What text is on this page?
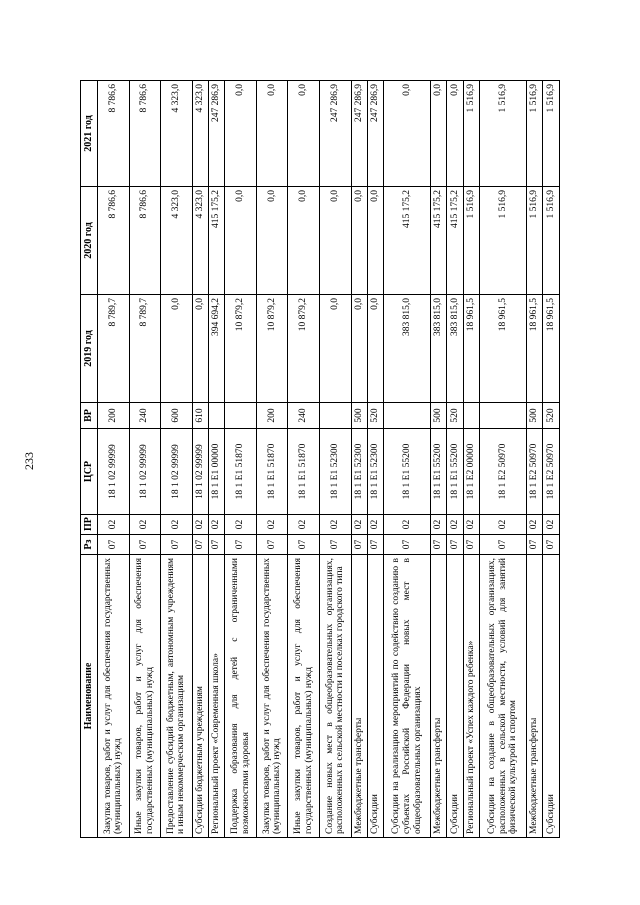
233
Наименование	Рз	ПР	ЦСР	ВР	2019 год	2020 год	2021 год
Закупка товаров, работ и услуг для обеспечения государственных (муниципальных) нужд	07	02	18 1 02 99999	200	8 789,7	8 786,6	8 786,6
Иные закупки товаров, работ и услуг для обеспечения государственных (муниципальных) нужд	07	02	18 1 02 99999	240	8 789,7	8 786,6	8 786,6
Предоставление субсидий бюджетным, автономным учреждениям и иным некоммерческим организациям	07	02	18 1 02 99999	600	0,0	4 323,0	4 323,0
Субсидии бюджетным учреждениям	07	02	18 1 02 99999	610	0,0	4 323,0	4 323,0
Региональный проект «Современная школа»	07	02	18 1 E1 00000		394 694,2	415 175,2	247 286,9
Поддержка образования для детей с ограниченными возможностями здоровья	07	02	18 1 E1 51870		10 879,2	0,0	0,0
Закупка товаров, работ и услуг для обеспечения государственных (муниципальных) нужд	07	02	18 1 E1 51870	200	10 879,2	0,0	0,0
Иные закупки товаров, работ и услуг для обеспечения государственных (муниципальных) нужд	07	02	18 1 E1 51870	240	10 879,2	0,0	0,0
Создание новых мест в общеобразовательных организациях, расположенных в сельской местности и поселках городского типа	07	02	18 1 E1 52300		0,0	0,0	247 286,9
Межбюджетные трансферты	07	02	18 1 E1 52300	500	0,0	0,0	247 286,9
Субсидии	07	02	18 1 E1 52300	520	0,0	0,0	247 286,9
Субсидии на реализацию мероприятий по содействию созданию в субъектах Российской Федерации новых мест в общеобразовательных организациях	07	02	18 1 E1 55200		383 815,0	415 175,2	0,0
Межбюджетные трансферты	07	02	18 1 E1 55200	500	383 815,0	415 175,2	0,0
Субсидии	07	02	18 1 E1 55200	520	383 815,0	415 175,2	0,0
Региональный проект «Успех каждого ребенка»	07	02	18 1 E2 00000		18 961,5	1 516,9	1 516,9
Субсидии на создание в общеобразовательных организациях, расположенных в сельской местности, условий для занятий физической культурой и спортом	07	02	18 1 E2 50970		18 961,5	1 516,9	1 516,9
Межбюджетные трансферты	07	02	18 1 E2 50970	500	18 961,5	1 516,9	1 516,9
Субсидии	07	02	18 1 E2 50970	520	18 961,5	1 516,9	1 516,9
